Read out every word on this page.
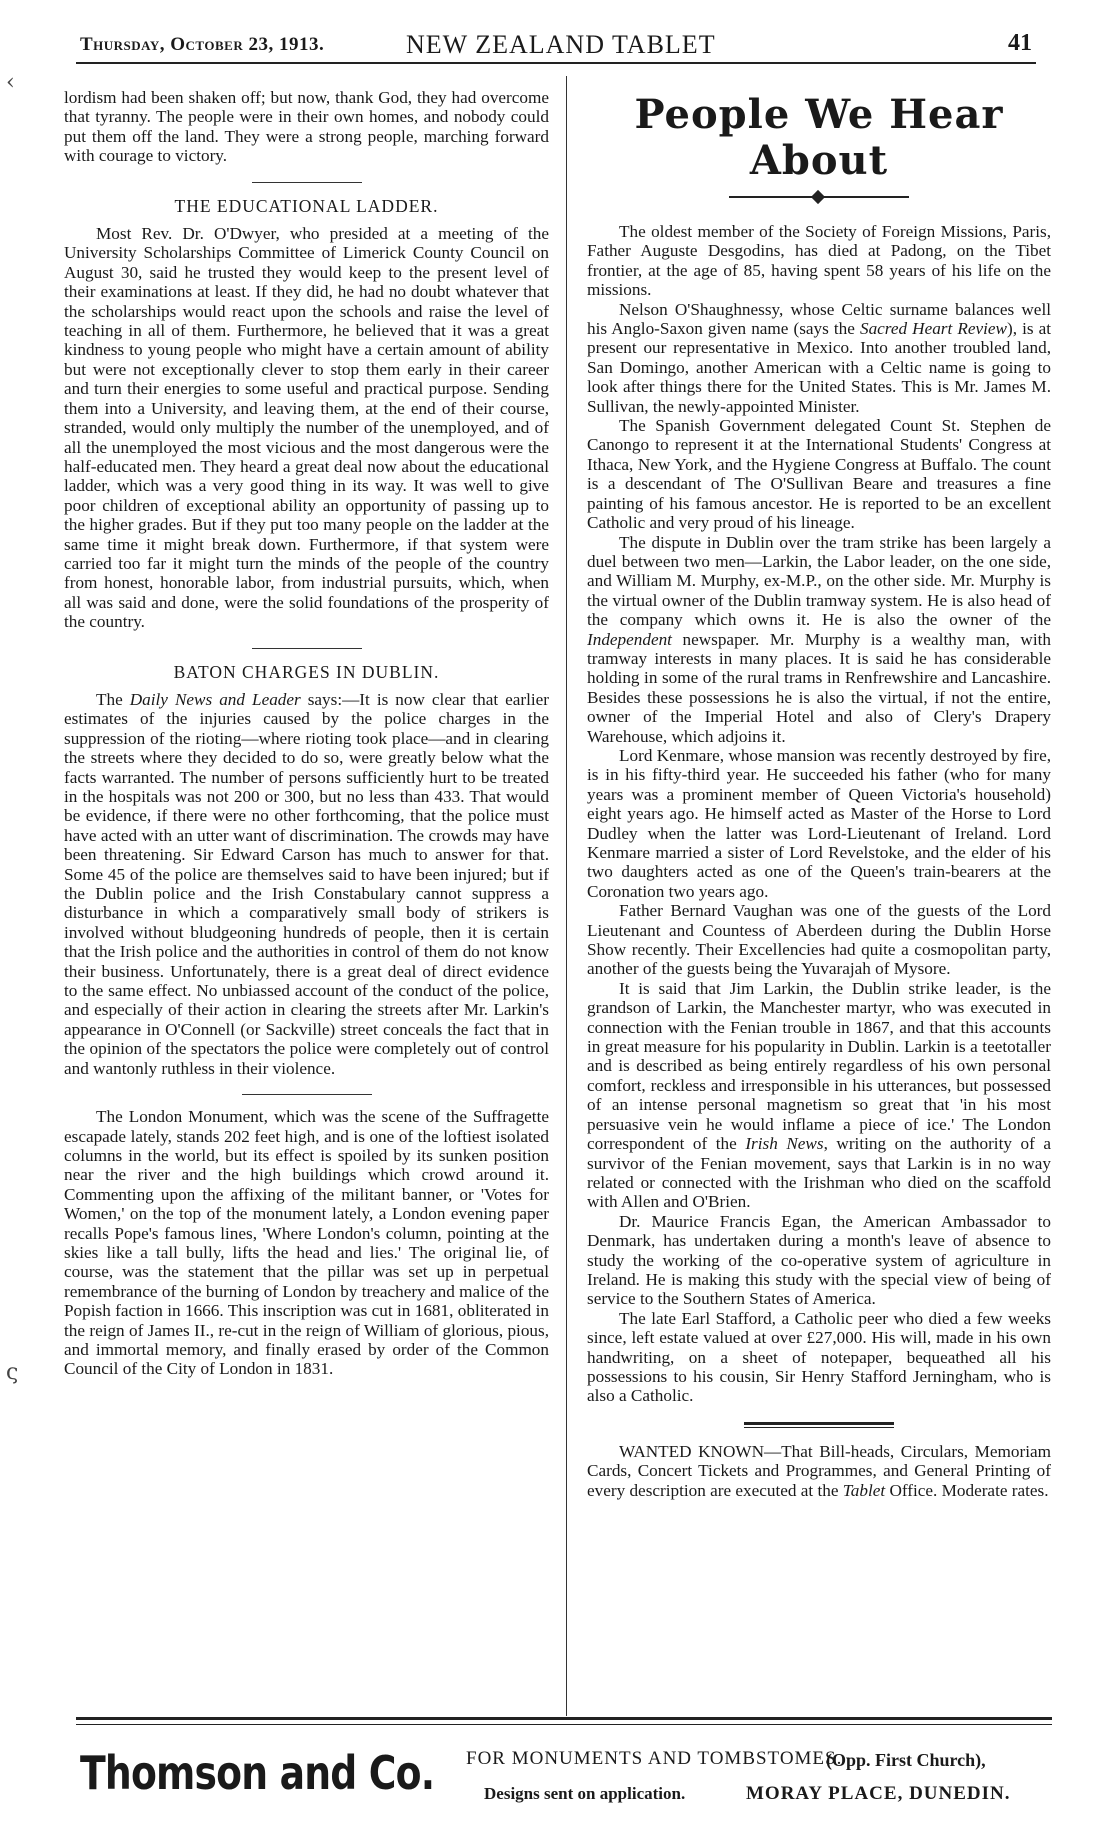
Thursday, October 23, 1913.	NEW ZEALAND TABLET	41
‹
ς

lordism had been shaken off; but now, thank God, they had overcome that tyranny. The people were in their own homes, and nobody could put them off the land. They were a strong people, marching forward with courage to victory.

THE EDUCATIONAL LADDER.

Most Rev. Dr. O'Dwyer, who presided at a meeting of the University Scholarships Committee of Limerick County Council on August 30, said he trusted they would keep to the present level of their examinations at least. If they did, he had no doubt whatever that the scholarships would react upon the schools and raise the level of teaching in all of them. Furthermore, he believed that it was a great kindness to young people who might have a certain amount of ability but were not exceptionally clever to stop them early in their career and turn their energies to some useful and practical purpose. Sending them into a University, and leaving them, at the end of their course, stranded, would only multiply the number of the unemployed, and of all the unemployed the most vicious and the most dangerous were the half-educated men. They heard a great deal now about the educational ladder, which was a very good thing in its way. It was well to give poor children of exceptional ability an opportunity of passing up to the higher grades. But if they put too many people on the ladder at the same time it might break down. Furthermore, if that system were carried too far it might turn the minds of the people of the country from honest, honorable labor, from industrial pursuits, which, when all was said and done, were the solid foundations of the prosperity of the country.

BATON CHARGES IN DUBLIN.

The Daily News and Leader says:—It is now clear that earlier estimates of the injuries caused by the police charges in the suppression of the rioting—where rioting took place—and in clearing the streets where they decided to do so, were greatly below what the facts warranted. The number of persons sufficiently hurt to be treated in the hospitals was not 200 or 300, but no less than 433. That would be evidence, if there were no other forthcoming, that the police must have acted with an utter want of discrimination. The crowds may have been threatening. Sir Edward Carson has much to answer for that. Some 45 of the police are themselves said to have been injured; but if the Dublin police and the Irish Constabulary cannot suppress a disturbance in which a comparatively small body of strikers is involved without bludgeoning hundreds of people, then it is certain that the Irish police and the authorities in control of them do not know their business. Unfortunately, there is a great deal of direct evidence to the same effect. No unbiassed account of the conduct of the police, and especially of their action in clearing the streets after Mr. Larkin's appearance in O'Connell (or Sackville) street conceals the fact that in the opinion of the spectators the police were completely out of control and wantonly ruthless in their violence.

The London Monument, which was the scene of the Suffragette escapade lately, stands 202 feet high, and is one of the loftiest isolated columns in the world, but its effect is spoiled by its sunken position near the river and the high buildings which crowd around it. Commenting upon the affixing of the militant banner, or 'Votes for Women,' on the top of the monument lately, a London evening paper recalls Pope's famous lines, 'Where London's column, pointing at the skies like a tall bully, lifts the head and lies.' The original lie, of course, was the statement that the pillar was set up in perpetual remembrance of the burning of London by treachery and malice of the Popish faction in 1666. This inscription was cut in 1681, obliterated in the reign of James II., re-cut in the reign of William of glorious, pious, and immortal memory, and finally erased by order of the Common Council of the City of London in 1831.

People We Hear About

The oldest member of the Society of Foreign Missions, Paris, Father Auguste Desgodins, has died at Padong, on the Tibet frontier, at the age of 85, having spent 58 years of his life on the missions.

Nelson O'Shaughnessy, whose Celtic surname balances well his Anglo-Saxon given name (says the Sacred Heart Review), is at present our representative in Mexico. Into another troubled land, San Domingo, another American with a Celtic name is going to look after things there for the United States. This is Mr. James M. Sullivan, the newly-appointed Minister.

The Spanish Government delegated Count St. Stephen de Canongo to represent it at the International Students' Congress at Ithaca, New York, and the Hygiene Congress at Buffalo. The count is a descendant of The O'Sullivan Beare and treasures a fine painting of his famous ancestor. He is reported to be an excellent Catholic and very proud of his lineage.

The dispute in Dublin over the tram strike has been largely a duel between two men—Larkin, the Labor leader, on the one side, and William M. Murphy, ex-M.P., on the other side. Mr. Murphy is the virtual owner of the Dublin tramway system. He is also head of the company which owns it. He is also the owner of the Independent newspaper. Mr. Murphy is a wealthy man, with tramway interests in many places. It is said he has considerable holding in some of the rural trams in Renfrewshire and Lancashire. Besides these possessions he is also the virtual, if not the entire, owner of the Imperial Hotel and also of Clery's Drapery Warehouse, which adjoins it.

Lord Kenmare, whose mansion was recently destroyed by fire, is in his fifty-third year. He succeeded his father (who for many years was a prominent member of Queen Victoria's household) eight years ago. He himself acted as Master of the Horse to Lord Dudley when the latter was Lord-Lieutenant of Ireland. Lord Kenmare married a sister of Lord Revelstoke, and the elder of his two daughters acted as one of the Queen's train-bearers at the Coronation two years ago.

Father Bernard Vaughan was one of the guests of the Lord Lieutenant and Countess of Aberdeen during the Dublin Horse Show recently. Their Excellencies had quite a cosmopolitan party, another of the guests being the Yuvarajah of Mysore.

It is said that Jim Larkin, the Dublin strike leader, is the grandson of Larkin, the Manchester martyr, who was executed in connection with the Fenian trouble in 1867, and that this accounts in great measure for his popularity in Dublin. Larkin is a teetotaller and is described as being entirely regardless of his own personal comfort, reckless and irresponsible in his utterances, but possessed of an intense personal magnetism so great that 'in his most persuasive vein he would inflame a piece of ice.' The London correspondent of the Irish News, writing on the authority of a survivor of the Fenian movement, says that Larkin is in no way related or connected with the Irishman who died on the scaffold with Allen and O'Brien.

Dr. Maurice Francis Egan, the American Ambassador to Denmark, has undertaken during a month's leave of absence to study the working of the co-operative system of agriculture in Ireland. He is making this study with the special view of being of service to the Southern States of America.

The late Earl Stafford, a Catholic peer who died a few weeks since, left estate valued at over £27,000. His will, made in his own handwriting, on a sheet of notepaper, bequeathed all his possessions to his cousin, Sir Henry Stafford Jerningham, who is also a Catholic.

WANTED KNOWN—That Bill-heads, Circulars, Memoriam Cards, Concert Tickets and Programmes, and General Printing of every description are executed at the Tablet Office. Moderate rates.

Thomson and Co. FOR MONUMENTS AND TOMBSTOMES.
(Opp. First Church),
Designs sent on application.	MORAY PLACE, DUNEDIN.
